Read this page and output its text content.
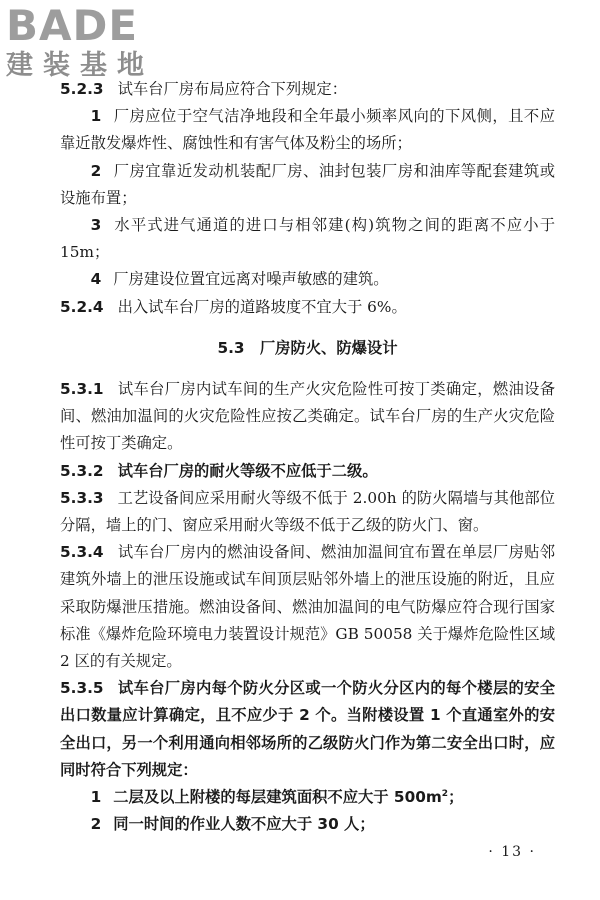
BADE
建装基地

5.2.3 试车台厂房布局应符合下列规定：

1 厂房应位于空气洁净地段和全年最小频率风向的下风侧，且不应靠近散发爆炸性、腐蚀性和有害气体及粉尘的场所；

2 厂房宜靠近发动机装配厂房、油封包装厂房和油库等配套建筑或设施布置；

3 水平式进气通道的进口与相邻建(构)筑物之间的距离不应小于 15m；

4 厂房建设位置宜远离对噪声敏感的建筑。

5.2.4 出入试车台厂房的道路坡度不宜大于 6%。

5.3　厂房防火、防爆设计

5.3.1 试车台厂房内试车间的生产火灾危险性可按丁类确定，燃油设备间、燃油加温间的火灾危险性应按乙类确定。试车台厂房的生产火灾危险性可按丁类确定。

5.3.2 试车台厂房的耐火等级不应低于二级。

5.3.3 工艺设备间应采用耐火等级不低于 2.00h 的防火隔墙与其他部位分隔，墙上的门、窗应采用耐火等级不低于乙级的防火门、窗。

5.3.4 试车台厂房内的燃油设备间、燃油加温间宜布置在单层厂房贴邻建筑外墙上的泄压设施或试车间顶层贴邻外墙上的泄压设施的附近，且应采取防爆泄压措施。燃油设备间、燃油加温间的电气防爆应符合现行国家标准《爆炸危险环境电力装置设计规范》GB 50058 关于爆炸危险性区域 2 区的有关规定。

5.3.5 试车台厂房内每个防火分区或一个防火分区内的每个楼层的安全出口数量应计算确定，且不应少于 2 个。当附楼设置 1 个直通室外的安全出口，另一个利用通向相邻场所的乙级防火门作为第二安全出口时，应同时符合下列规定：

1 二层及以上附楼的每层建筑面积不应大于 $500m^2$；

2 同一时间的作业人数不应大于 30 人；

· 13 ·
